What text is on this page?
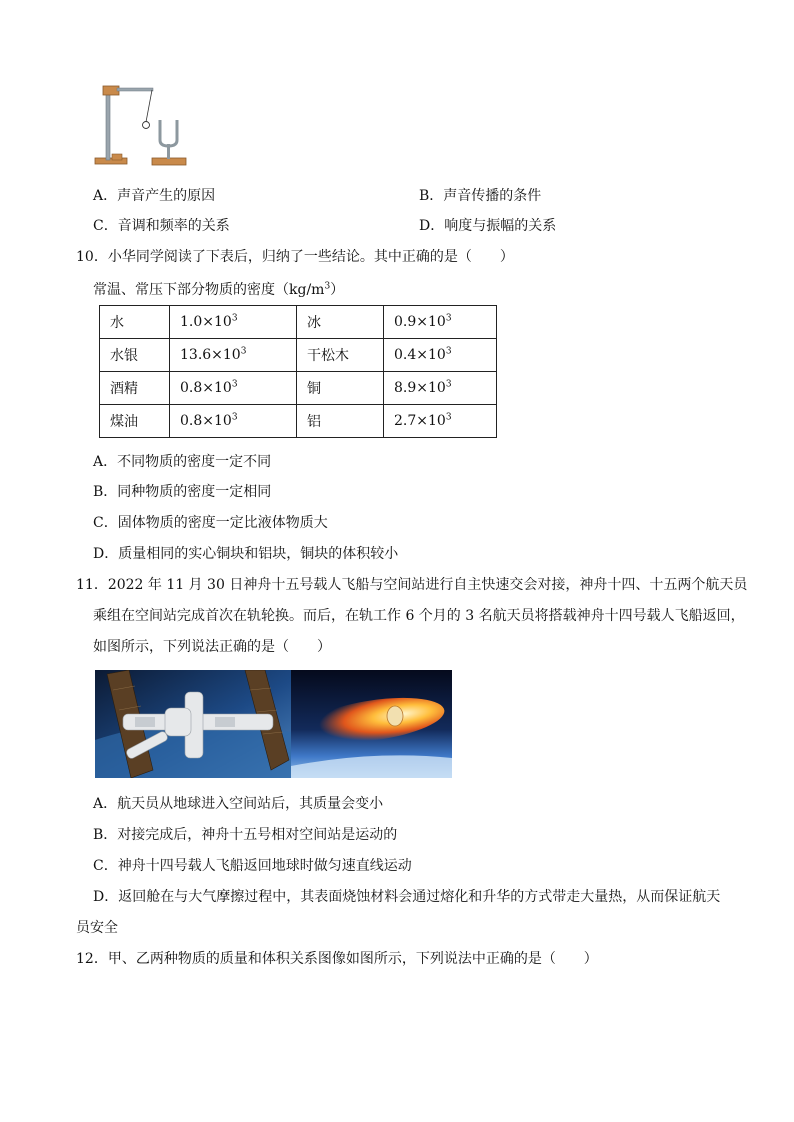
A．声音产生的原因	B．声音传播的条件
C．音调和频率的关系	D．响度与振幅的关系
10．小华同学阅读了下表后，归纳了一些结论。其中正确的是（　　）
常温、常压下部分物质的密度$(kg/m^3)$
水	$1.0\times 10^3$	冰	$0.9\times 10^3$
水银	$13.6\times 10^3$	干松木	$0.4\times 10^3$
酒精	$0.8\times 10^3$	铜	$8.9\times 10^3$
煤油	$0.8\times 10^3$	铝	$2.7\times 10^3$
A．不同物质的密度一定不同
B．同种物质的密度一定相同
C．固体物质的密度一定比液体物质大
D．质量相同的实心铜块和铝块，铜块的体积较小
11．2022 年 11 月 30 日神舟十五号载人飞船与空间站进行自主快速交会对接，神舟十四、十五两个航天员
乘组在空间站完成首次在轨轮换。而后，在轨工作 6 个月的 3 名航天员将搭载神舟十四号载人飞船返回，
如图所示，下列说法正确的是（　　）
A．航天员从地球进入空间站后，其质量会变小
B．对接完成后，神舟十五号相对空间站是运动的
C．神舟十四号载人飞船返回地球时做匀速直线运动
D．返回舱在与大气摩擦过程中，其表面烧蚀材料会通过熔化和升华的方式带走大量热，从而保证航天
员安全
12．甲、乙两种物质的质量和体积关系图像如图所示，下列说法中正确的是（　　）
